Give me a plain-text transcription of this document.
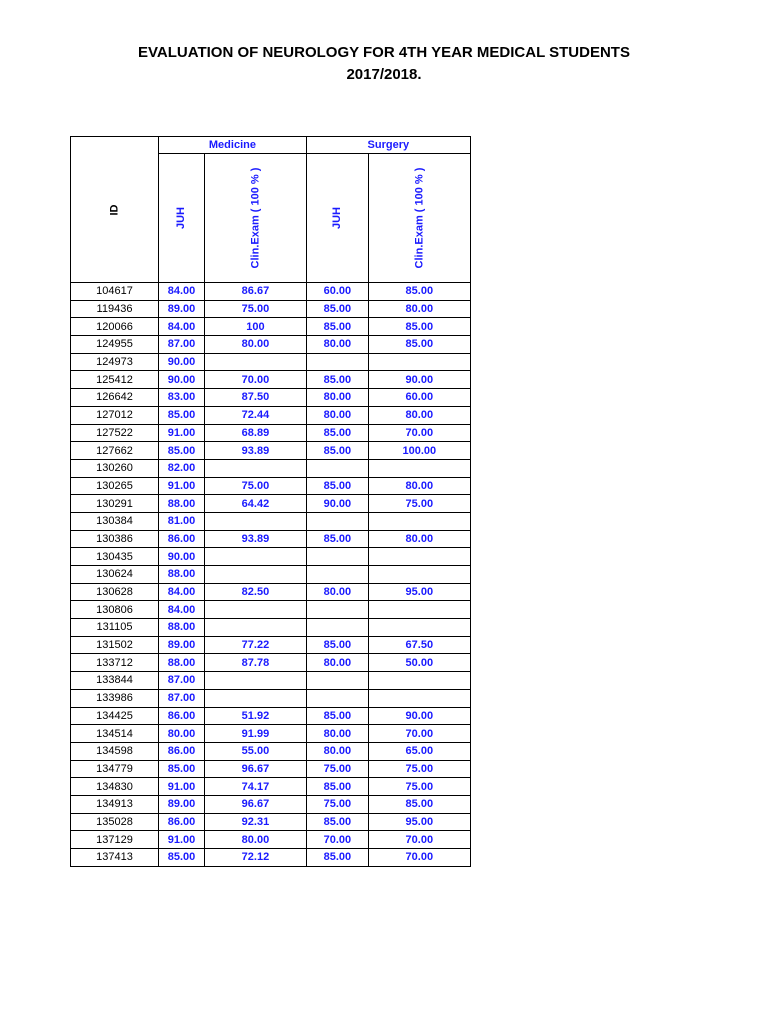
EVALUATION OF NEUROLOGY FOR 4TH YEAR MEDICAL STUDENTS
2017/2018.
ID	Medicine		Surgery	
	JUH	Clin.Exam ( 100 % )	JUH	Clin.Exam ( 100 % )
104617	84.00	86.67	60.00	85.00
119436	89.00	75.00	85.00	80.00
120066	84.00	100	85.00	85.00
124955	87.00	80.00	80.00	85.00
124973	90.00			
125412	90.00	70.00	85.00	90.00
126642	83.00	87.50	80.00	60.00
127012	85.00	72.44	80.00	80.00
127522	91.00	68.89	85.00	70.00
127662	85.00	93.89	85.00	100.00
130260	82.00			
130265	91.00	75.00	85.00	80.00
130291	88.00	64.42	90.00	75.00
130384	81.00			
130386	86.00	93.89	85.00	80.00
130435	90.00			
130624	88.00			
130628	84.00	82.50	80.00	95.00
130806	84.00			
131105	88.00			
131502	89.00	77.22	85.00	67.50
133712	88.00	87.78	80.00	50.00
133844	87.00			
133986	87.00			
134425	86.00	51.92	85.00	90.00
134514	80.00	91.99	80.00	70.00
134598	86.00	55.00	80.00	65.00
134779	85.00	96.67	75.00	75.00
134830	91.00	74.17	85.00	75.00
134913	89.00	96.67	75.00	85.00
135028	86.00	92.31	85.00	95.00
137129	91.00	80.00	70.00	70.00
137413	85.00	72.12	85.00	70.00
